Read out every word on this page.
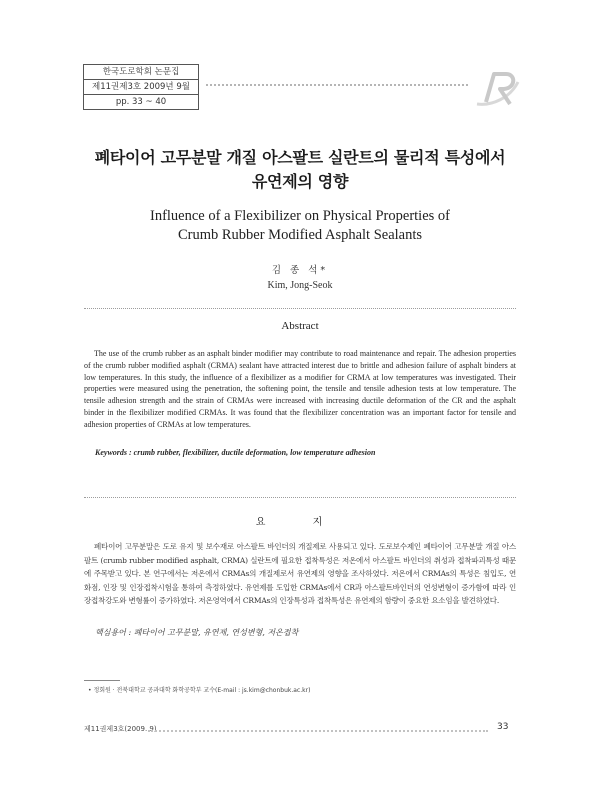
한국도로학회 논문집
제11권제3호 2009년 9월
pp. 33 ~ 40
폐타이어 고무분말 개질 아스팔트 실란트의 물리적 특성에서
유연제의 영향
Influence of a Flexibilizer on Physical Properties of
Crumb Rubber Modified Asphalt Sealants
김 종 석*
Kim, Jong-Seok
Abstract

The use of the crumb rubber as an asphalt binder modifier may contribute to road maintenance and repair. The adhesion properties of the crumb rubber modified asphalt (CRMA) sealant have attracted interest due to brittle and adhesion failure of asphalt binders at low temperatures. In this study, the influence of a flexibilizer as a modifier for CRMA at low temperatures was investigated. Their properties were measured using the penetration, the softening point, the tensile and tensile adhesion tests at low temperature. The tensile adhesion strength and the strain of CRMAs were increased with increasing ductile deformation of the CR and the asphalt binder in the flexibilizer modified CRMAs. It was found that the flexibilizer concentration was an important factor for tensile and adhesion properties of CRMAs at low temperatures.

Keywords : crumb rubber, flexibilizer, ductile deformation, low temperature adhesion
요 지

폐타이어 고무분말은 도로 유지 및 보수재로 아스팔트 바인더의 개질제로 사용되고 있다. 도로보수제인 폐타이어 고무분말 개질 아스팔트 (crumb rubber modified asphalt, CRMA) 실란트에 필요한 접착특성은 저온에서 아스팔트 바인더의 취성과 접착파괴특성 때문에 주목받고 있다. 본 연구에서는 저온에서 CRMAs의 개질제로서 유연제의 영향을 조사하였다. 저온에서 CRMAs의 특성은 침입도, 연화점, 인장 및 인장접착시험을 통하여 측정하였다. 유연제를 도입한 CRMAs에서 CR과 아스팔트바인더의 연성변형이 증가함에 따라 인장접착강도와 변형률이 증가하였다. 저온영역에서 CRMAs의 인장특성과 접착특성은 유연제의 함량이 중요한 요소임을 발견하였다.

핵심용어 : 폐타이어 고무분말, 유연제, 연성변형, 저온접착
• 정회원 · 전북대학교 공과대학 화학공학부 교수(E-mail : js.kim@chonbuk.ac.kr)
제11권제3호(2009. 9)	33
